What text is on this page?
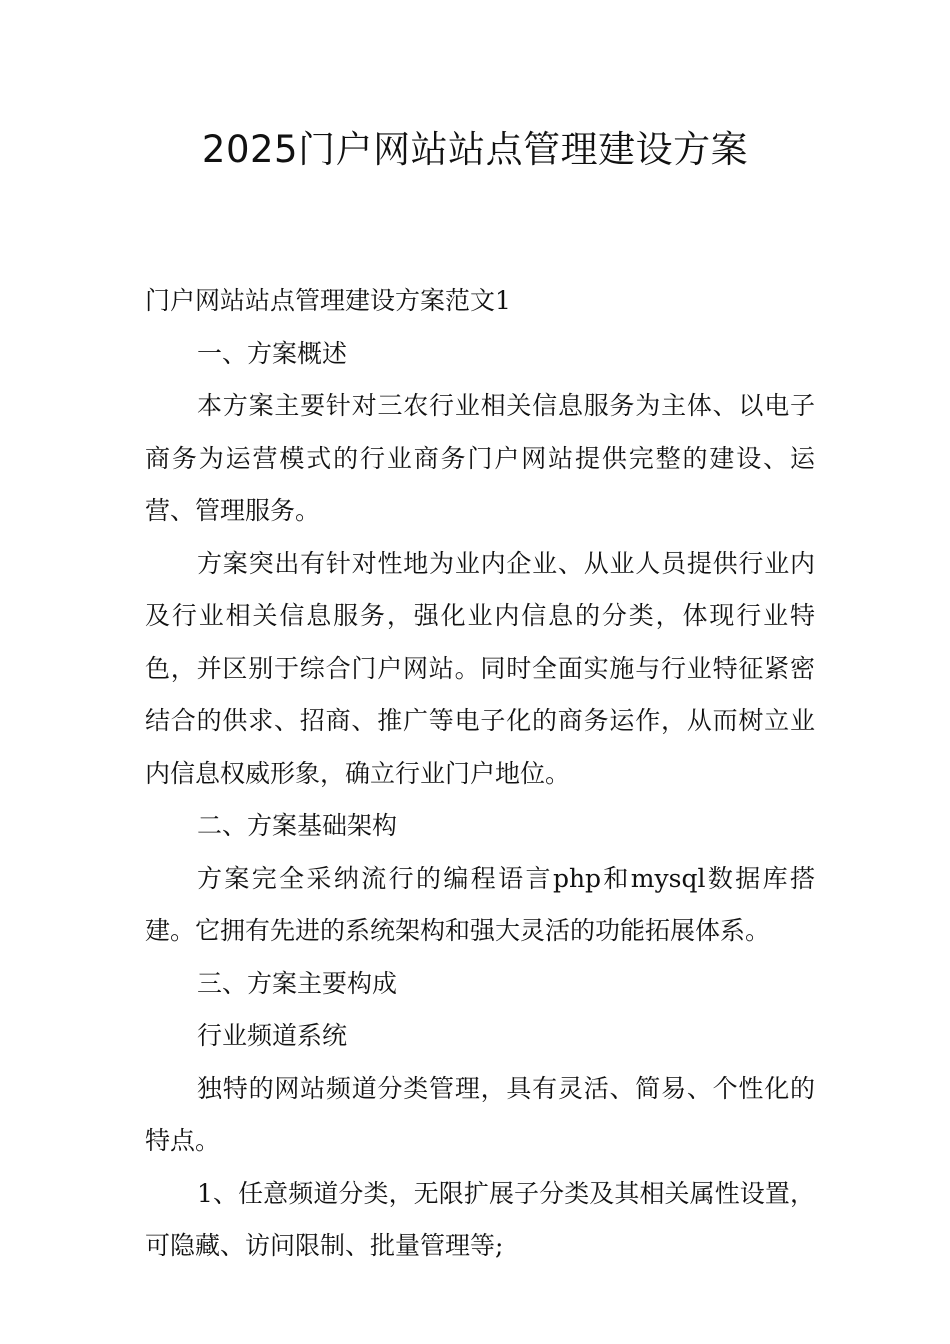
2025门户网站站点管理建设方案

门户网站站点管理建设方案范文1

一、方案概述

本方案主要针对三农行业相关信息服务为主体、以电子商务为运营模式的行业商务门户网站提供完整的建设、运营、管理服务。

方案突出有针对性地为业内企业、从业人员提供行业内及行业相关信息服务，强化业内信息的分类，体现行业特色，并区别于综合门户网站。同时全面实施与行业特征紧密结合的供求、招商、推广等电子化的商务运作，从而树立业内信息权威形象，确立行业门户地位。

二、方案基础架构

方案完全采纳流行的编程语言php和mysql数据库搭建。它拥有先进的系统架构和强大灵活的功能拓展体系。

三、方案主要构成

行业频道系统

独特的网站频道分类管理，具有灵活、简易、个性化的特点。

1、任意频道分类，无限扩展子分类及其相关属性设置，可隐藏、访问限制、批量管理等;
